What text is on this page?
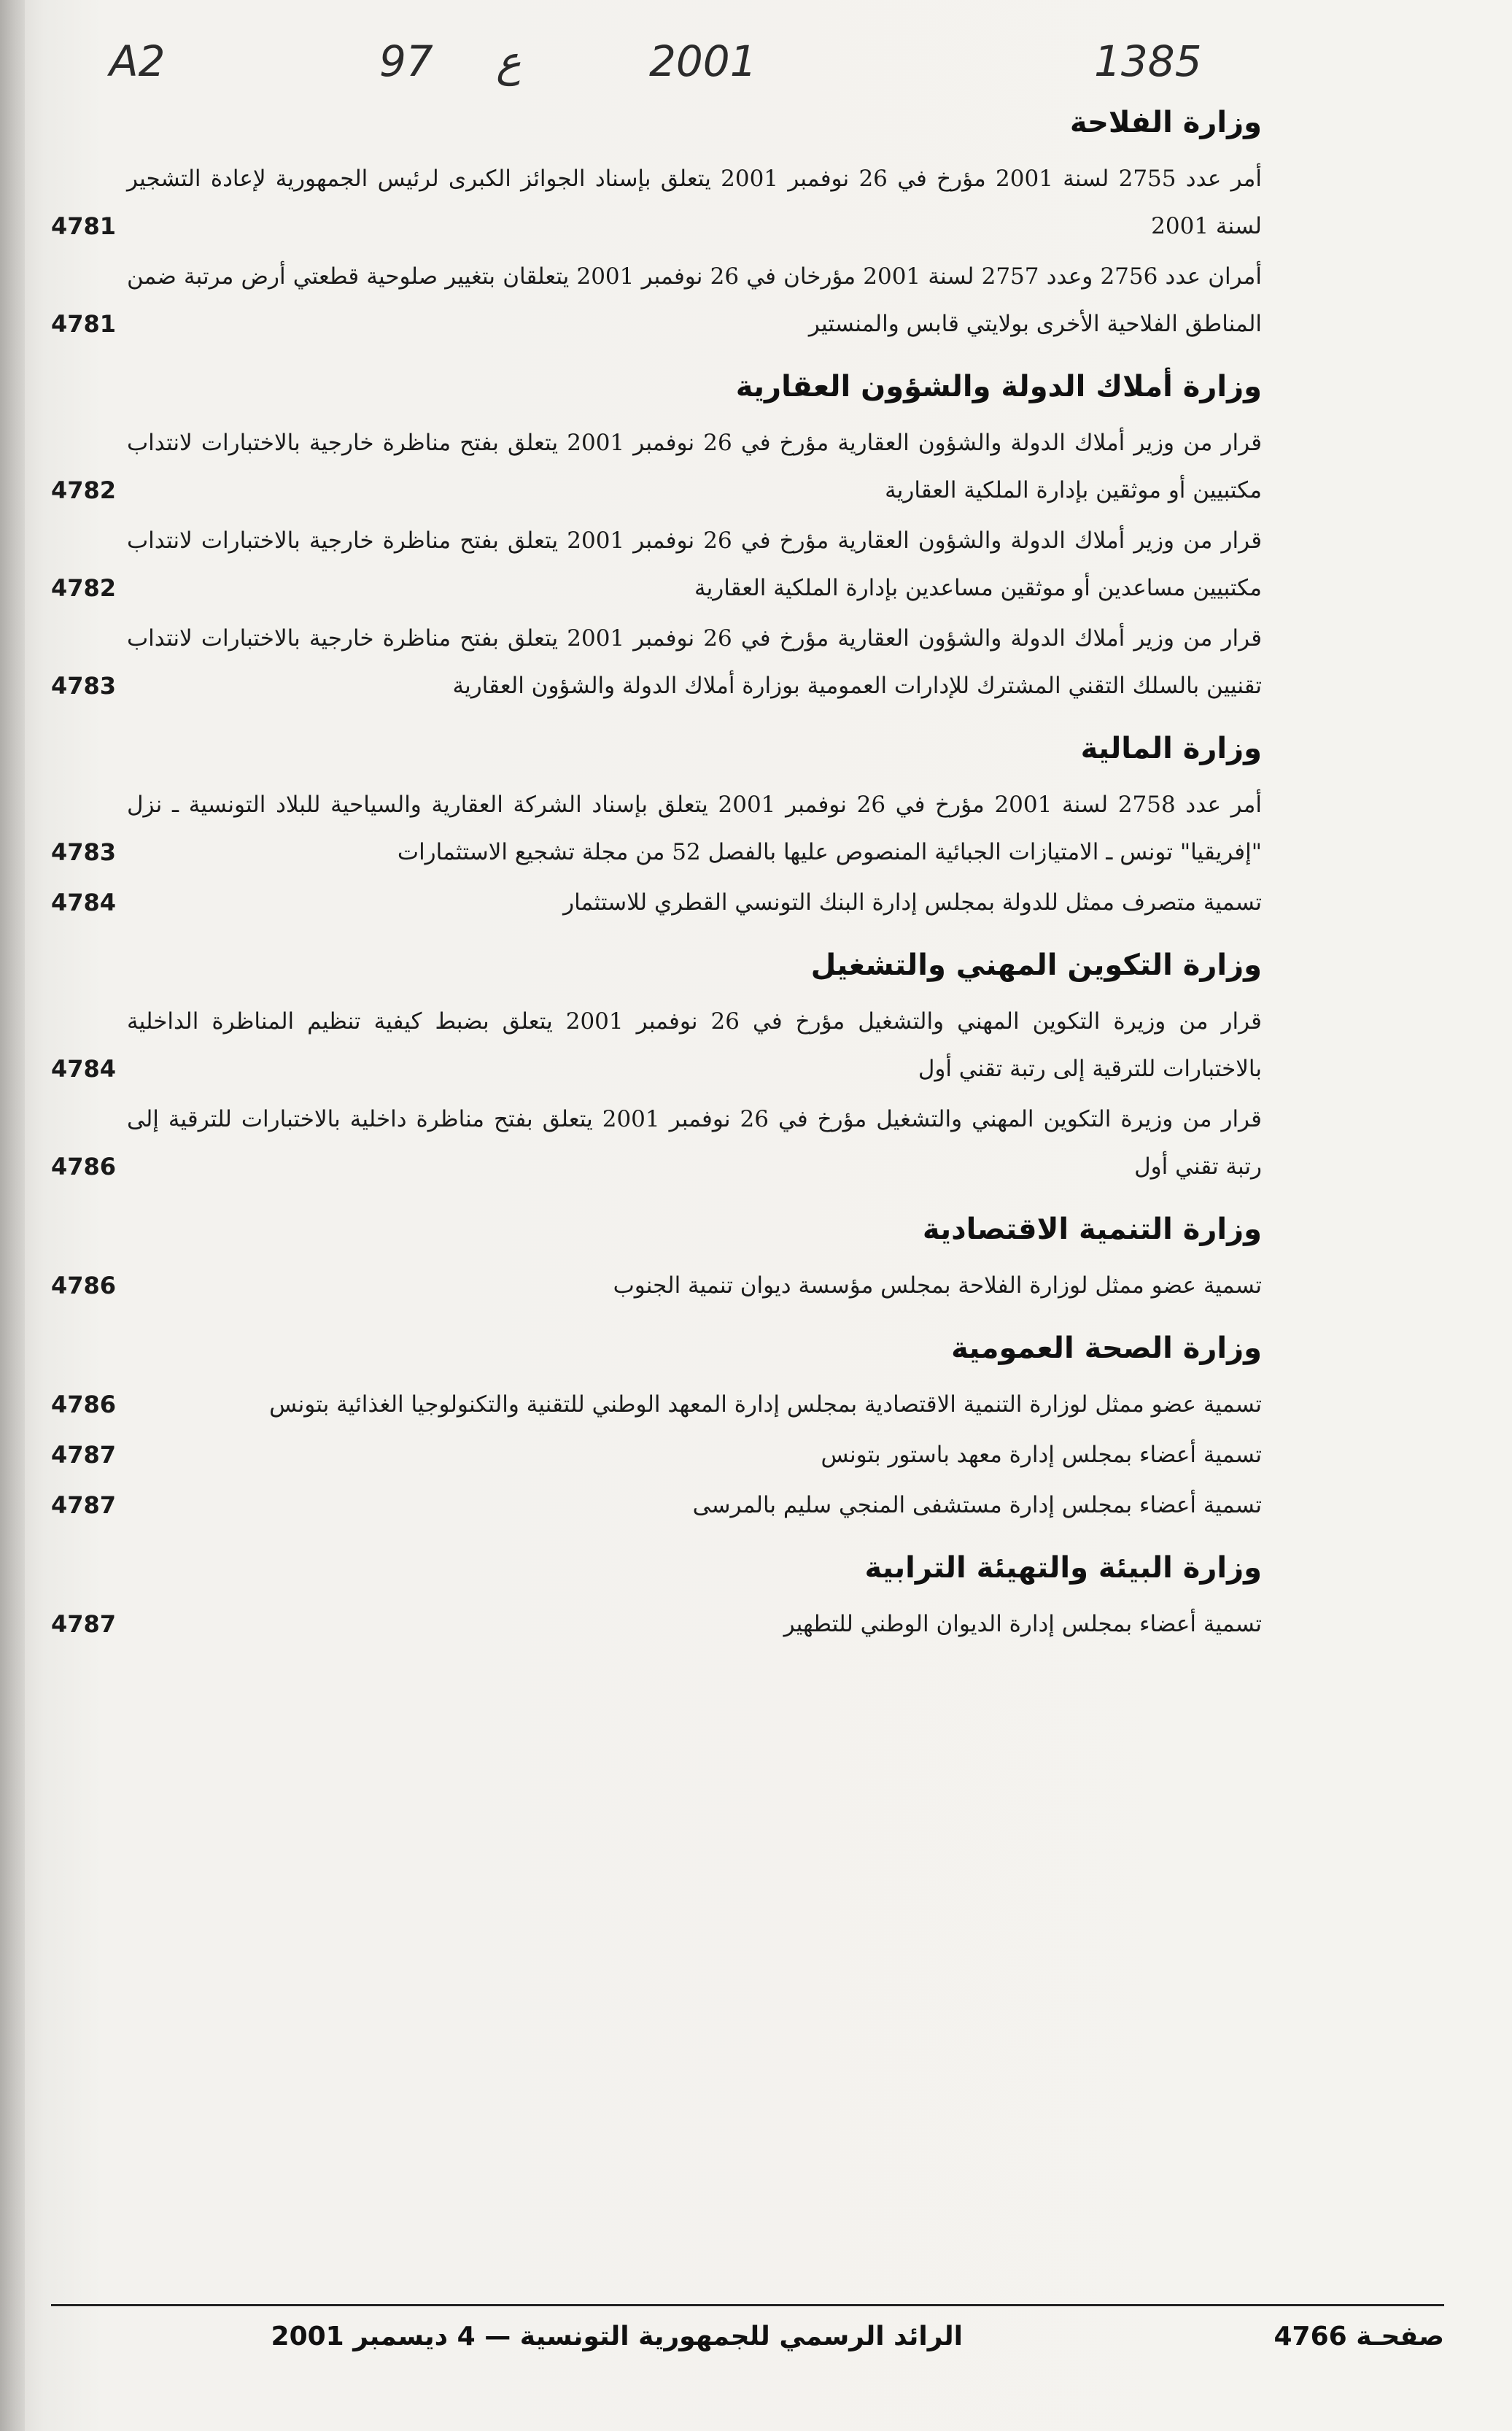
A2	97 ع	2001	1385
وزارة الفلاحة
أمر عدد 2755 لسنة 2001 مؤرخ في 26 نوفمبر 2001 يتعلق بإسناد الجوائز الكبرى لرئيس الجمهورية لإعادة التشجير لسنة 2001
4781
أمران عدد 2756 وعدد 2757 لسنة 2001 مؤرخان في 26 نوفمبر 2001 يتعلقان بتغيير صلوحية قطعتي أرض مرتبة ضمن المناطق الفلاحية الأخرى بولايتي قابس والمنستير
4781
وزارة أملاك الدولة والشؤون العقارية
قرار من وزير أملاك الدولة والشؤون العقارية مؤرخ في 26 نوفمبر 2001 يتعلق بفتح مناظرة خارجية بالاختبارات لانتداب مكتبيين أو موثقين بإدارة الملكية العقارية
4782
قرار من وزير أملاك الدولة والشؤون العقارية مؤرخ في 26 نوفمبر 2001 يتعلق بفتح مناظرة خارجية بالاختبارات لانتداب مكتبيين مساعدين أو موثقين مساعدين بإدارة الملكية العقارية
4782
قرار من وزير أملاك الدولة والشؤون العقارية مؤرخ في 26 نوفمبر 2001 يتعلق بفتح مناظرة خارجية بالاختبارات لانتداب تقنيين بالسلك التقني المشترك للإدارات العمومية بوزارة أملاك الدولة والشؤون العقارية
4783
وزارة المالية
أمر عدد 2758 لسنة 2001 مؤرخ في 26 نوفمبر 2001 يتعلق بإسناد الشركة العقارية والسياحية للبلاد التونسية ـ نزل "إفريقيا" تونس ـ الامتيازات الجبائية المنصوص عليها بالفصل 52 من مجلة تشجيع الاستثمارات
4783
تسمية متصرف ممثل للدولة بمجلس إدارة البنك التونسي القطري للاستثمار
4784
وزارة التكوين المهني والتشغيل
قرار من وزيرة التكوين المهني والتشغيل مؤرخ في 26 نوفمبر 2001 يتعلق بضبط كيفية تنظيم المناظرة الداخلية بالاختبارات للترقية إلى رتبة تقني أول
4784
قرار من وزيرة التكوين المهني والتشغيل مؤرخ في 26 نوفمبر 2001 يتعلق بفتح مناظرة داخلية بالاختبارات للترقية إلى رتبة تقني أول
4786
وزارة التنمية الاقتصادية
تسمية عضو ممثل لوزارة الفلاحة بمجلس مؤسسة ديوان تنمية الجنوب
4786
وزارة الصحة العمومية
تسمية عضو ممثل لوزارة التنمية الاقتصادية بمجلس إدارة المعهد الوطني للتقنية والتكنولوجيا الغذائية بتونس
4786
تسمية أعضاء بمجلس إدارة معهد باستور بتونس
4787
تسمية أعضاء بمجلس إدارة مستشفى المنجي سليم بالمرسى
4787
وزارة البيئة والتهيئة الترابية
تسمية أعضاء بمجلس إدارة الديوان الوطني للتطهير
4787
صفحـة 4766
الرائد الرسمي للجمهورية التونسية — 4 ديسمبر 2001
